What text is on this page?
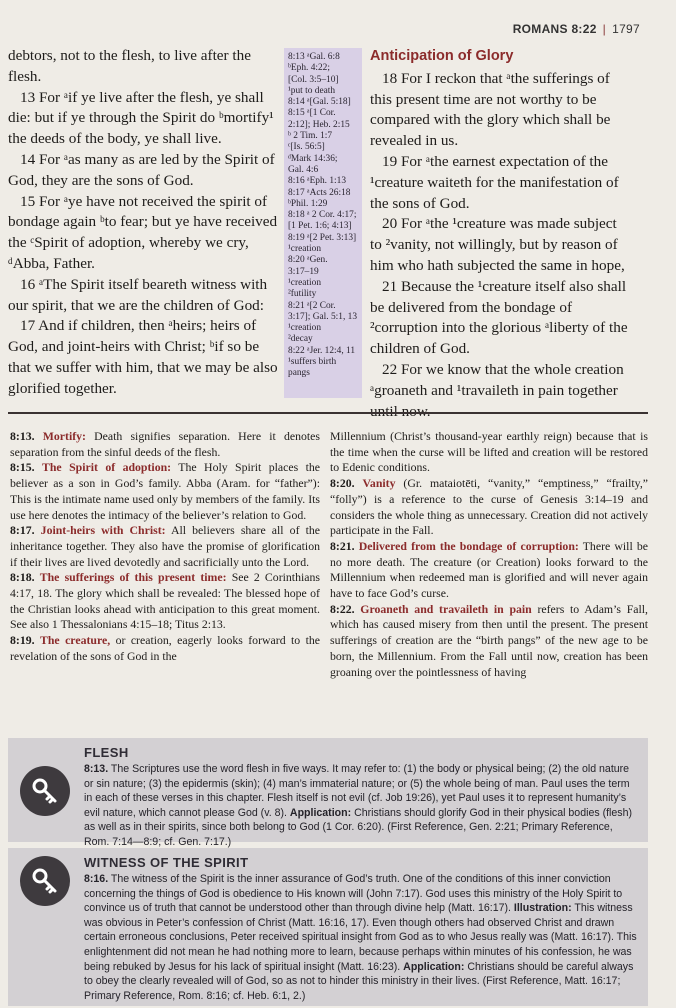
ROMANS 8:22 | 1797

debtors, not to the flesh, to live after the flesh.

13 For ᵃif ye live after the flesh, ye shall die: but if ye through the Spirit do ᵇmortify¹ the deeds of the body, ye shall live.

14 For ᵃas many as are led by the Spirit of God, they are the sons of God.

15 For ᵃye have not received the spirit of bondage again ᵇto fear; but ye have received the ᶜSpirit of adoption, whereby we cry, ᵈAbba, Father.

16 ᵃThe Spirit itself beareth witness with our spirit, that we are the children of God:

17 And if children, then ᵃheirs; heirs of God, and joint-heirs with Christ; ᵇif so be that we suffer with him, that we may be also glorified together.

8:13 ᵃGal. 6:8
ᵇEph. 4:22;
[Col. 3:5–10]
¹put to death
8:14 ᵃ[Gal. 5:18]
8:15 ᵃ[1 Cor.
2:12]; Heb. 2:15
ᵇ 2 Tim. 1:7
ᶜ[Is. 56:5]
ᵈMark 14:36;
Gal. 4:6
8:16 ᵃEph. 1:13
8:17 ᵃActs 26:18
ᵇPhil. 1:29
8:18 ᵃ 2 Cor. 4:17;
[1 Pet. 1:6; 4:13]
8:19 ᵃ[2 Pet. 3:13]
¹creation
8:20 ᵃGen.
3:17–19
¹creation
²futility
8:21 ᵃ[2 Cor.
3:17]; Gal. 5:1, 13
¹creation
²decay
8:22 ᵃJer. 12:4, 11
¹suffers birth
pangs
Anticipation of Glory

18 For I reckon that ᵃthe sufferings of this present time are not worthy to be compared with the glory which shall be revealed in us.

19 For ᵃthe earnest expectation of the ¹creature waiteth for the manifestation of the sons of God.

20 For ᵃthe ¹creature was made subject to ²vanity, not willingly, but by reason of him who hath subjected the same in hope,

21 Because the ¹creature itself also shall be delivered from the bondage of ²corruption into the glorious ᵃliberty of the children of God.

22 For we know that the whole creation ᵃgroaneth and ¹travaileth in pain together

8:13. Mortify: Death signifies separation. Here it denotes separation from the sinful deeds of the flesh.

8:15. The Spirit of adoption: The Holy Spirit places the believer as a son in God’s family. Abba (Aram. for “father”): This is the intimate name used only by members of the family. Its use here denotes the intimacy of the believer’s relation to God.

8:17. Joint-heirs with Christ: All believers share all of the inheritance together. They also have the promise of glorification if their lives are lived devotedly and sacrificially unto the Lord.

8:18. The sufferings of this present time: See 2 Corinthians 4:17, 18. The glory which shall be revealed: The blessed hope of the Christian looks ahead with anticipation to this great moment. See also 1 Thessalonians 4:15–18; Titus 2:13.

8:19. The creature, or creation, eagerly looks forward to the revelation of the sons of God in the

Millennium (Christ’s thousand-year earthly reign) because that is the time when the curse will be lifted and creation will be restored to Edenic conditions.

8:20. Vanity (Gr. mataiotēti, “vanity,” “emptiness,” “frailty,” “folly”) is a reference to the curse of Genesis 3:14–19 and considers the whole thing as unnecessary. Creation did not actively participate in the Fall.

8:21. Delivered from the bondage of corruption: There will be no more death. The creature (or Creation) looks forward to the Millennium when redeemed man is glorified and will never again have to face God’s curse.

8:22. Groaneth and travaileth in pain refers to Adam’s Fall, which has caused misery from then until the present. The present sufferings of creation are the “birth pangs” of the new age to be born, the Millennium. From the Fall until now, creation has been groaning over the pointlessness of having

FLESH
8:13. The Scriptures use the word flesh in five ways. It may refer to: (1) the body or physical being; (2) the old nature or sin nature; (3) the epidermis (skin); (4) man’s immaterial nature; or (5) the whole being of man. Paul uses the term in each of these verses in this chapter. Flesh itself is not evil (cf. Job 19:26), yet Paul uses it to represent humanity’s evil nature, which cannot please God (v. 8). Application: Christians should glorify God in their physical bodies (flesh) as well as in their spirits, since both belong to God (1 Cor. 6:20). (First Reference, Gen. 2:21; Primary Reference, Rom. 7:14—8:9; cf. Gen. 7:17.)
WITNESS OF THE SPIRIT
8:16. The witness of the Spirit is the inner assurance of God’s truth. One of the conditions of this inner conviction concerning the things of God is obedience to His known will (John 7:17). God uses this ministry of the Holy Spirit to convince us of truth that cannot be understood other than through divine help (Matt. 16:17). Illustration: This witness was obvious in Peter’s confession of Christ (Matt. 16:16, 17). Even though others had observed Christ and drawn certain erroneous conclusions, Peter received spiritual insight from God as to who Jesus really was (Matt. 16:17). This enlightenment did not mean he had nothing more to learn, because perhaps within minutes of his confession, he was being rebuked by Jesus for his lack of spiritual insight (Matt. 16:23). Application: Christians should be careful always to obey the clearly revealed will of God, so as not to hinder this ministry in their lives. (First Reference, Matt. 16:17; Primary Reference, Rom. 8:16; cf. Heb. 6:1, 2.)
